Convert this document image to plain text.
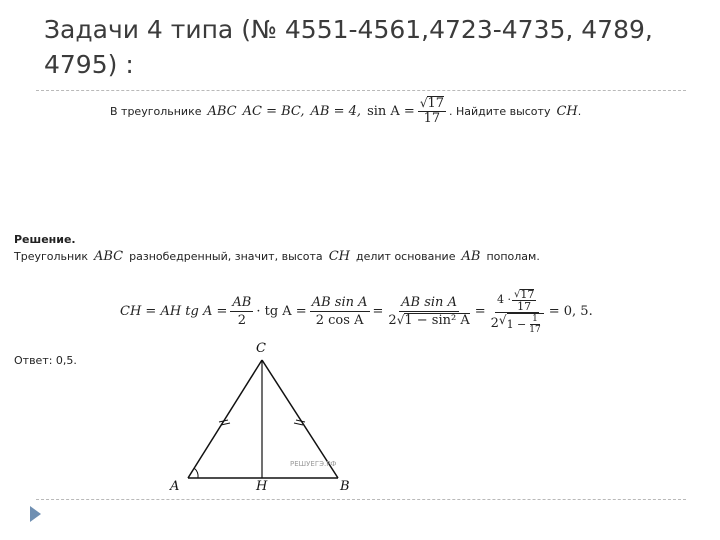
Задачи 4 типа (№ 4551-4561,4723-4735, 4789,
4795) :
В треугольнике ABC AC = BC, AB = 4, $\sin A = \frac{√ 17}{17}$ . Найдите высоту CH .
Решение.
Треугольник ABC разнобедренный, значит, высота CH делит основание AB пополам.
CH = AH tg $A = \frac{AB}{2}$ · tg $A = \frac{\text{AB sin A}}{\text{2 cos A}} = \frac{\text{AB sin A}}{\text{2 √ 1 − sin² A}} = \frac{4 \cdot \frac{√ 17}{17}}{2 √ 1 - \frac{1}{17}} = 0$, 5.
Ответ: 0,5.
C
A	H	B
РЕШУЕГЭ.РФ
